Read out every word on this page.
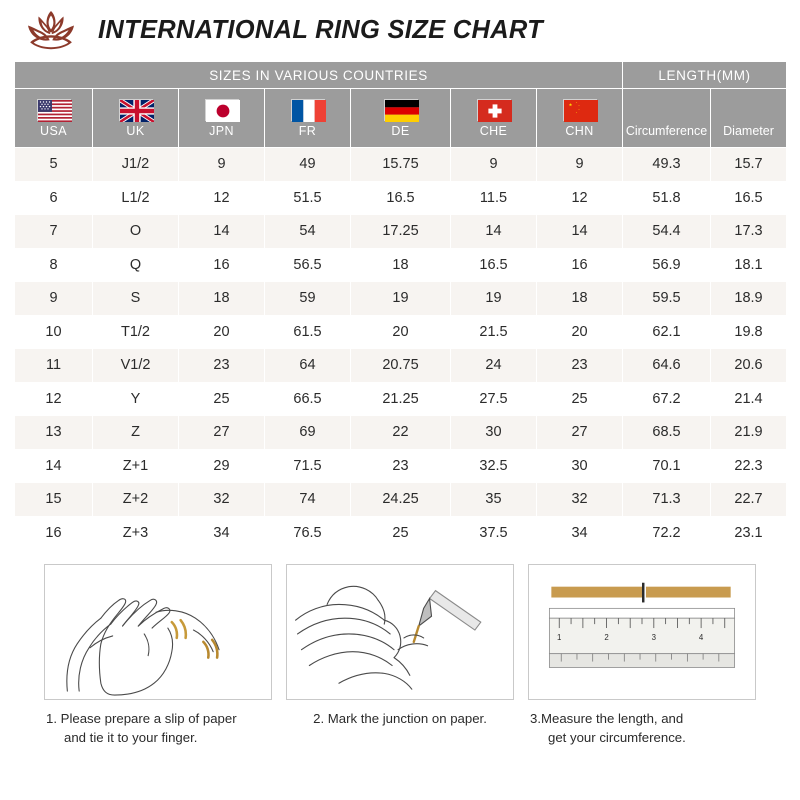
INTERNATIONAL RING SIZE CHART
SIZES IN VARIOUS COUNTRIES							LENGTH(MM)	

USA	UK	JPN	FR	DE	CHE	CHN	Circumference	Diameter

5	J1/2	9	49	15.75	9	9	49.3	15.7
6	L1/2	12	51.5	16.5	11.5	12	51.8	16.5
7	O	14	54	17.25	14	14	54.4	17.3
8	Q	16	56.5	18	16.5	16	56.9	18.1
9	S	18	59	19	19	18	59.5	18.9
10	T1/2	20	61.5	20	21.5	20	62.1	19.8
11	V1/2	23	64	20.75	24	23	64.6	20.6
12	Y	25	66.5	21.25	27.5	25	67.2	21.4
13	Z	27	69	22	30	27	68.5	21.9
14	Z+1	29	71.5	23	32.5	30	70.1	22.3
15	Z+2	32	74	24.25	35	32	71.3	22.7
16	Z+3	34	76.5	25	37.5	34	72.2	23.1
1. Please prepare a slip of paper
and tie it to your finger.
2. Mark the junction on paper.
1	2	3	4
3.Measure the length, and
get your circumference.
